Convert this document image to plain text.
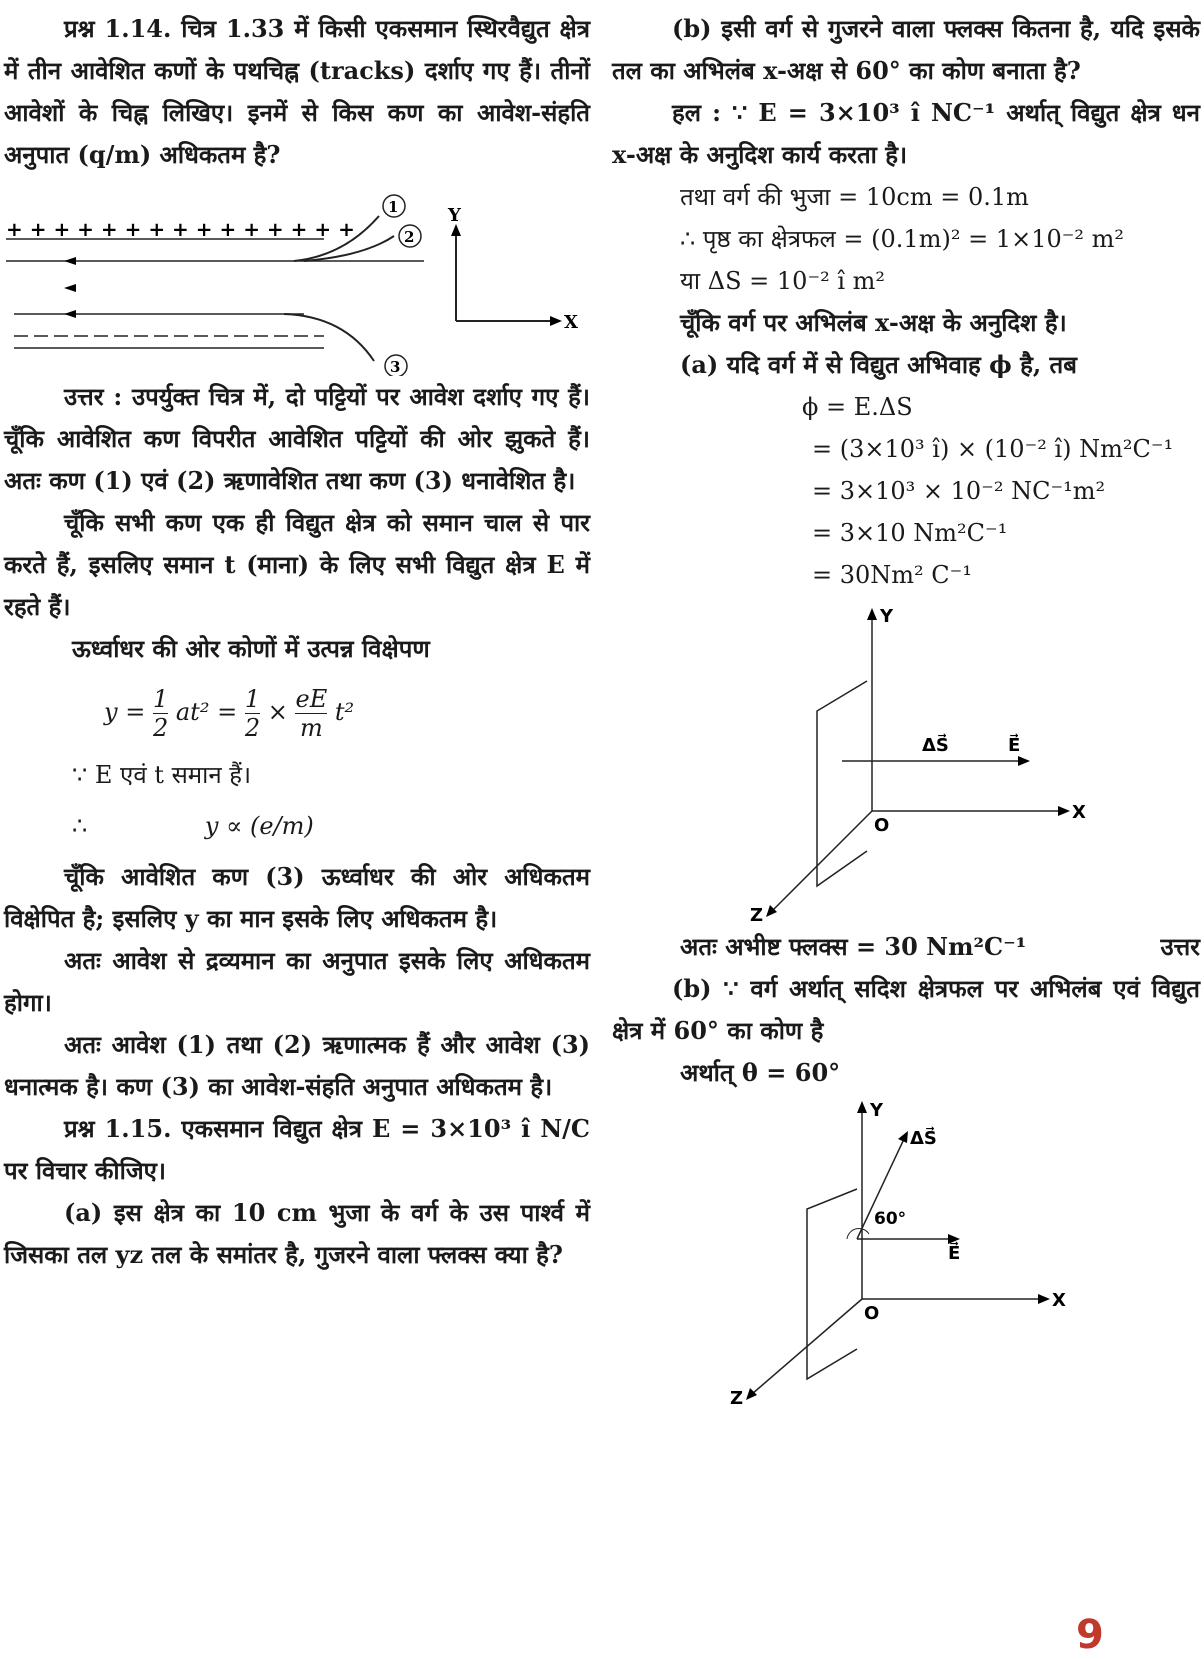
प्रश्न 1.14. चित्र 1.33 में किसी एकसमान स्थिरवैद्युत क्षेत्र में तीन आवेशित कणों के पथचिह्न (tracks) दर्शाए गए हैं। तीनों आवेशों के चिह्न लिखिए। इनमें से किस कण का आवेश-संहति अनुपात (q/m) अधिकतम है?

+ + + + + + + + + + + + + + +
1
2
3
Y
X

उत्तर : उपर्युक्त चित्र में, दो पट्टियों पर आवेश दर्शाए गए हैं। चूँकि आवेशित कण विपरीत आवेशित पट्टियों की ओर झुकते हैं। अतः कण (1) एवं (2) ऋणावेशित तथा कण (3) धनावेशित है।

चूँकि सभी कण एक ही विद्युत क्षेत्र को समान चाल से पार करते हैं, इसलिए समान t (माना) के लिए सभी विद्युत क्षेत्र E में रहते हैं।

ऊर्ध्वाधर की ओर कोणों में उत्पन्न विक्षेपण

$y = \frac{1}{2} at^2 = \frac{1}{2} \times \frac{eE}{m} t^2$

∵ E एवं t समान हैं।

∴	y ∝ (e/m)

चूँकि आवेशित कण (3) ऊर्ध्वाधर की ओर अधिकतम विक्षेपित है; इसलिए y का मान इसके लिए अधिकतम है।

अतः आवेश से द्रव्यमान का अनुपात इसके लिए अधिकतम होगा।

अतः आवेश (1) तथा (2) ऋणात्मक हैं और आवेश (3) धनात्मक है। कण (3) का आवेश-संहति अनुपात अधिकतम है।

प्रश्न 1.15. एकसमान विद्युत क्षेत्र E = 3×10³ î N/C पर विचार कीजिए।

(a) इस क्षेत्र का 10 cm भुजा के वर्ग के उस पार्श्व में जिसका तल yz तल के समांतर है, गुजरने वाला फ्लक्स क्या है?

(b) इसी वर्ग से गुजरने वाला फ्लक्स कितना है, यदि इसके तल का अभिलंब x-अक्ष से 60° का कोण बनाता है?

हल : ∵ E = 3×10³ î NC⁻¹ अर्थात् विद्युत क्षेत्र धन x-अक्ष के अनुदिश कार्य करता है।

तथा वर्ग की भुजा = 10cm = 0.1m

∴ पृष्ठ का क्षेत्रफल = (0.1m)² = 1×10⁻² m²

या ΔS = 10⁻² î m²

चूँकि वर्ग पर अभिलंब x-अक्ष के अनुदिश है।

(a) यदि वर्ग में से विद्युत अभिवाह ϕ है, तब

ϕ = E.ΔS

= (3×10³ î) × (10⁻² î) Nm²C⁻¹

= 3×10³ × 10⁻² NC⁻¹m²

= 3×10 Nm²C⁻¹

= 30Nm² C⁻¹

Y
X
Z
O
ΔS⃗	E⃗

अतः अभीष्ट फ्लक्स = 30 Nm²C⁻¹	उत्तर

(b) ∵ वर्ग अर्थात् सदिश क्षेत्रफल पर अभिलंब एवं विद्युत क्षेत्र में 60° का कोण है

अर्थात् θ = 60°

Y
X
Z
O
ΔS⃗
E⃗
60°
9
